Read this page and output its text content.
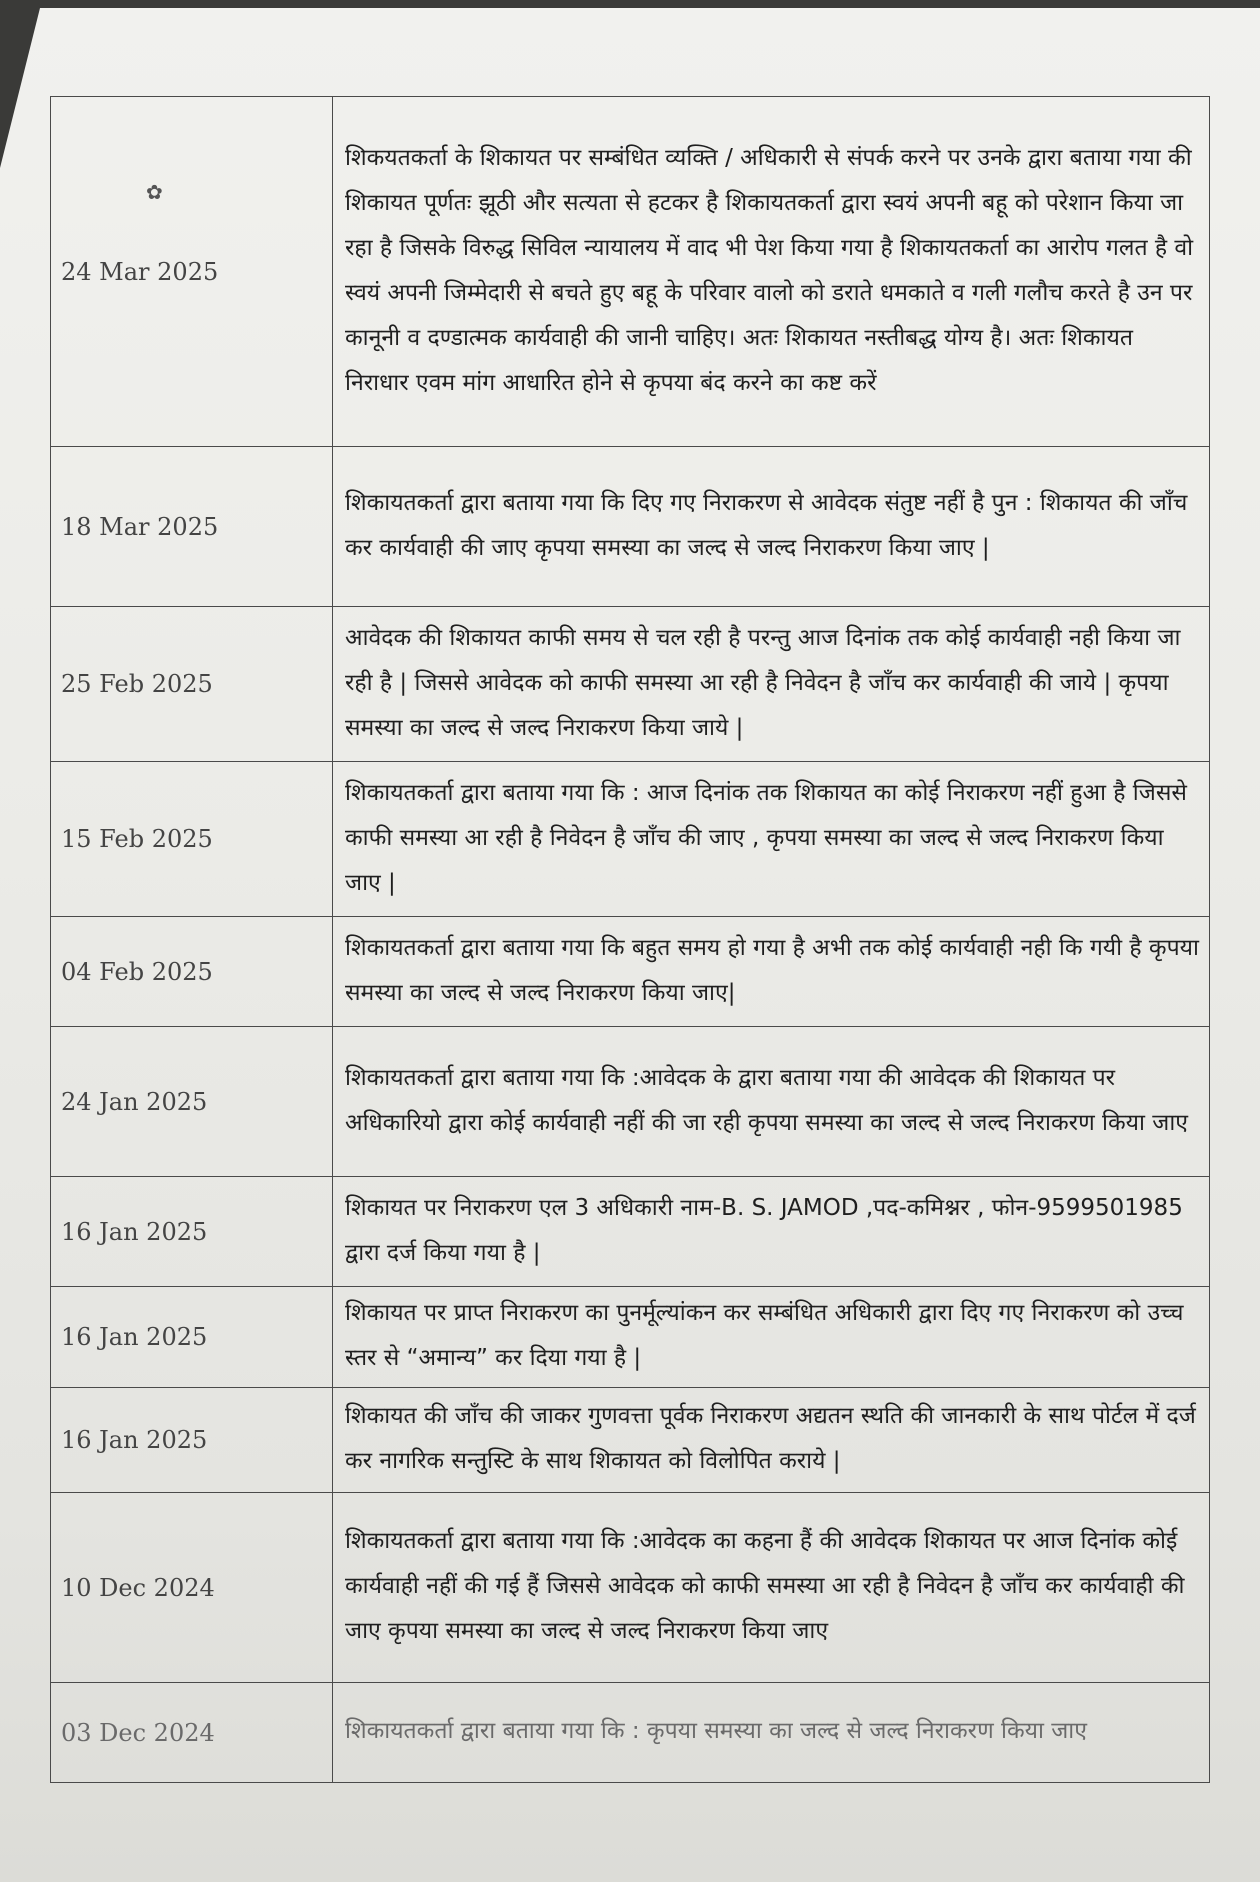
✿
24 Mar 2025	शिकयतकर्ता के शिकायत पर सम्बंधित व्यक्ति / अधिकारी से संपर्क करने पर उनके द्वारा बताया गया की शिकायत पूर्णतः झूठी और सत्यता से हटकर है शिकायतकर्ता द्वारा स्वयं अपनी बहू को परेशान किया जा रहा है जिसके विरुद्ध सिविल न्यायालय में वाद भी पेश किया गया है शिकायतकर्ता का आरोप गलत है वो स्वयं अपनी जिम्मेदारी से बचते हुए बहू के परिवार वालो को डराते धमकाते व गली गलौच करते है उन पर कानूनी व दण्डात्मक कार्यवाही की जानी चाहिए। अतः शिकायत नस्तीबद्ध योग्य है। अतः शिकायत निराधार एवम मांग आधारित होने से कृपया बंद करने का कष्ट करें
18 Mar 2025	शिकायतकर्ता द्वारा बताया गया कि दिए गए निराकरण से आवेदक संतुष्ट नहीं है पुन : शिकायत की जाँच कर कार्यवाही की जाए कृपया समस्या का जल्द से जल्द निराकरण किया जाए |
25 Feb 2025	आवेदक की शिकायत काफी समय से चल रही है परन्तु आज दिनांक तक कोई कार्यवाही नही किया जा रही है | जिससे आवेदक को काफी समस्या आ रही है निवेदन है जाँच कर कार्यवाही की जाये | कृपया समस्या का जल्द से जल्द निराकरण किया जाये |
15 Feb 2025	शिकायतकर्ता द्वारा बताया गया कि : आज दिनांक तक शिकायत का कोई निराकरण नहीं हुआ है जिससे काफी समस्या आ रही है निवेदन है जाँच की जाए , कृपया समस्या का जल्द से जल्द निराकरण किया जाए |
04 Feb 2025	शिकायतकर्ता द्वारा बताया गया कि बहुत समय हो गया है अभी तक कोई कार्यवाही नही कि गयी है कृपया समस्या का जल्द से जल्द निराकरण किया जाए|
24 Jan 2025	शिकायतकर्ता द्वारा बताया गया कि :आवेदक के द्वारा बताया गया की आवेदक की शिकायत पर अधिकारियो द्वारा कोई कार्यवाही नहीं की जा रही कृपया समस्या का जल्द से जल्द निराकरण किया जाए
16 Jan 2025	शिकायत पर निराकरण एल 3 अधिकारी नाम-B. S. JAMOD ,पद-कमिश्नर , फोन-9599501985 द्वारा दर्ज किया गया है |
16 Jan 2025	शिकायत पर प्राप्त निराकरण का पुनर्मूल्यांकन कर सम्बंधित अधिकारी द्वारा दिए गए निराकरण को उच्च स्तर से “अमान्य” कर दिया गया है |
16 Jan 2025	शिकायत की जाँच की जाकर गुणवत्ता पूर्वक निराकरण अद्यतन स्थति की जानकारी के साथ पोर्टल में दर्ज कर नागरिक सन्तुस्टि के साथ शिकायत को विलोपित कराये |
10 Dec 2024	शिकायतकर्ता द्वारा बताया गया कि :आवेदक का कहना हैं की आवेदक शिकायत पर आज दिनांक कोई कार्यवाही नहीं की गई हैं जिससे आवेदक को काफी समस्या आ रही है निवेदन है जाँच कर कार्यवाही की जाए कृपया समस्या का जल्द से जल्द निराकरण किया जाए
03 Dec 2024	शिकायतकर्ता द्वारा बताया गया कि : कृपया समस्या का जल्द से जल्द निराकरण किया जाए
